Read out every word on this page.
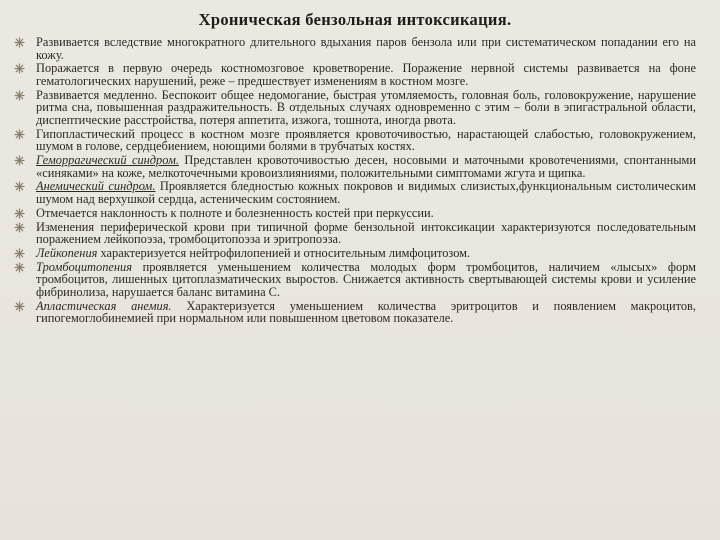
Хроническая бензольная интоксикация.
Развивается вследствие многократного длительного вдыхания паров бензола или при систематическом попадании его на кожу.
Поражается в первую очередь костномозговое кроветворение. Поражение нервной системы развивается на фоне гематологических нарушений, реже – предшествует изменениям в костном мозге.
Развивается медленно. Беспокоит общее недомогание, быстрая утомляемость, головная боль, головокружение, нарушение ритма сна, повышенная раздражительность. В отдельных случаях одновременно с этим – боли в эпигастральной области, диспептические расстройства, потеря аппетита, изжога, тошнота, иногда рвота.
Гипопластический процесс в костном мозге проявляется кровоточивостью, нарастающей слабостью, головокружением, шумом в голове, сердцебиением, ноющими болями в трубчатых костях.
Геморрагический синдром. Представлен кровоточивостью десен, носовыми и маточными кровотечениями, спонтанными «синяками» на коже, мелкоточечными кровоизлияниями, положительными симптомами жгута и щипка.
Анемический синдром. Проявляется бледностью кожных покровов и видимых слизистых,функциональным систолическим шумом над верхушкой сердца, астеническим состоянием.
Отмечается наклонность к полноте и болезненность костей при перкуссии.
Изменения периферической крови при типичной форме бензольной интоксикации характеризуются последовательным поражением лейкопоэза, тромбоцитопоэза и эритропоэза.
Лейкопения характеризуется нейтрофилопенией и относительным лимфоцитозом.
Тромбоцитопения проявляется уменьшением количества молодых форм тромбоцитов, наличием «лысых» форм тромбоцитов, лишенных цитоплазматических выростов. Снижается активность свертывающей системы крови и усиление фибринолиза, нарушается баланс витамина С.
Апластическая анемия. Характеризуется уменьшением количества эритроцитов и появлением макроцитов, гипогемоглобинемией при нормальном или повышенном цветовом показателе.
